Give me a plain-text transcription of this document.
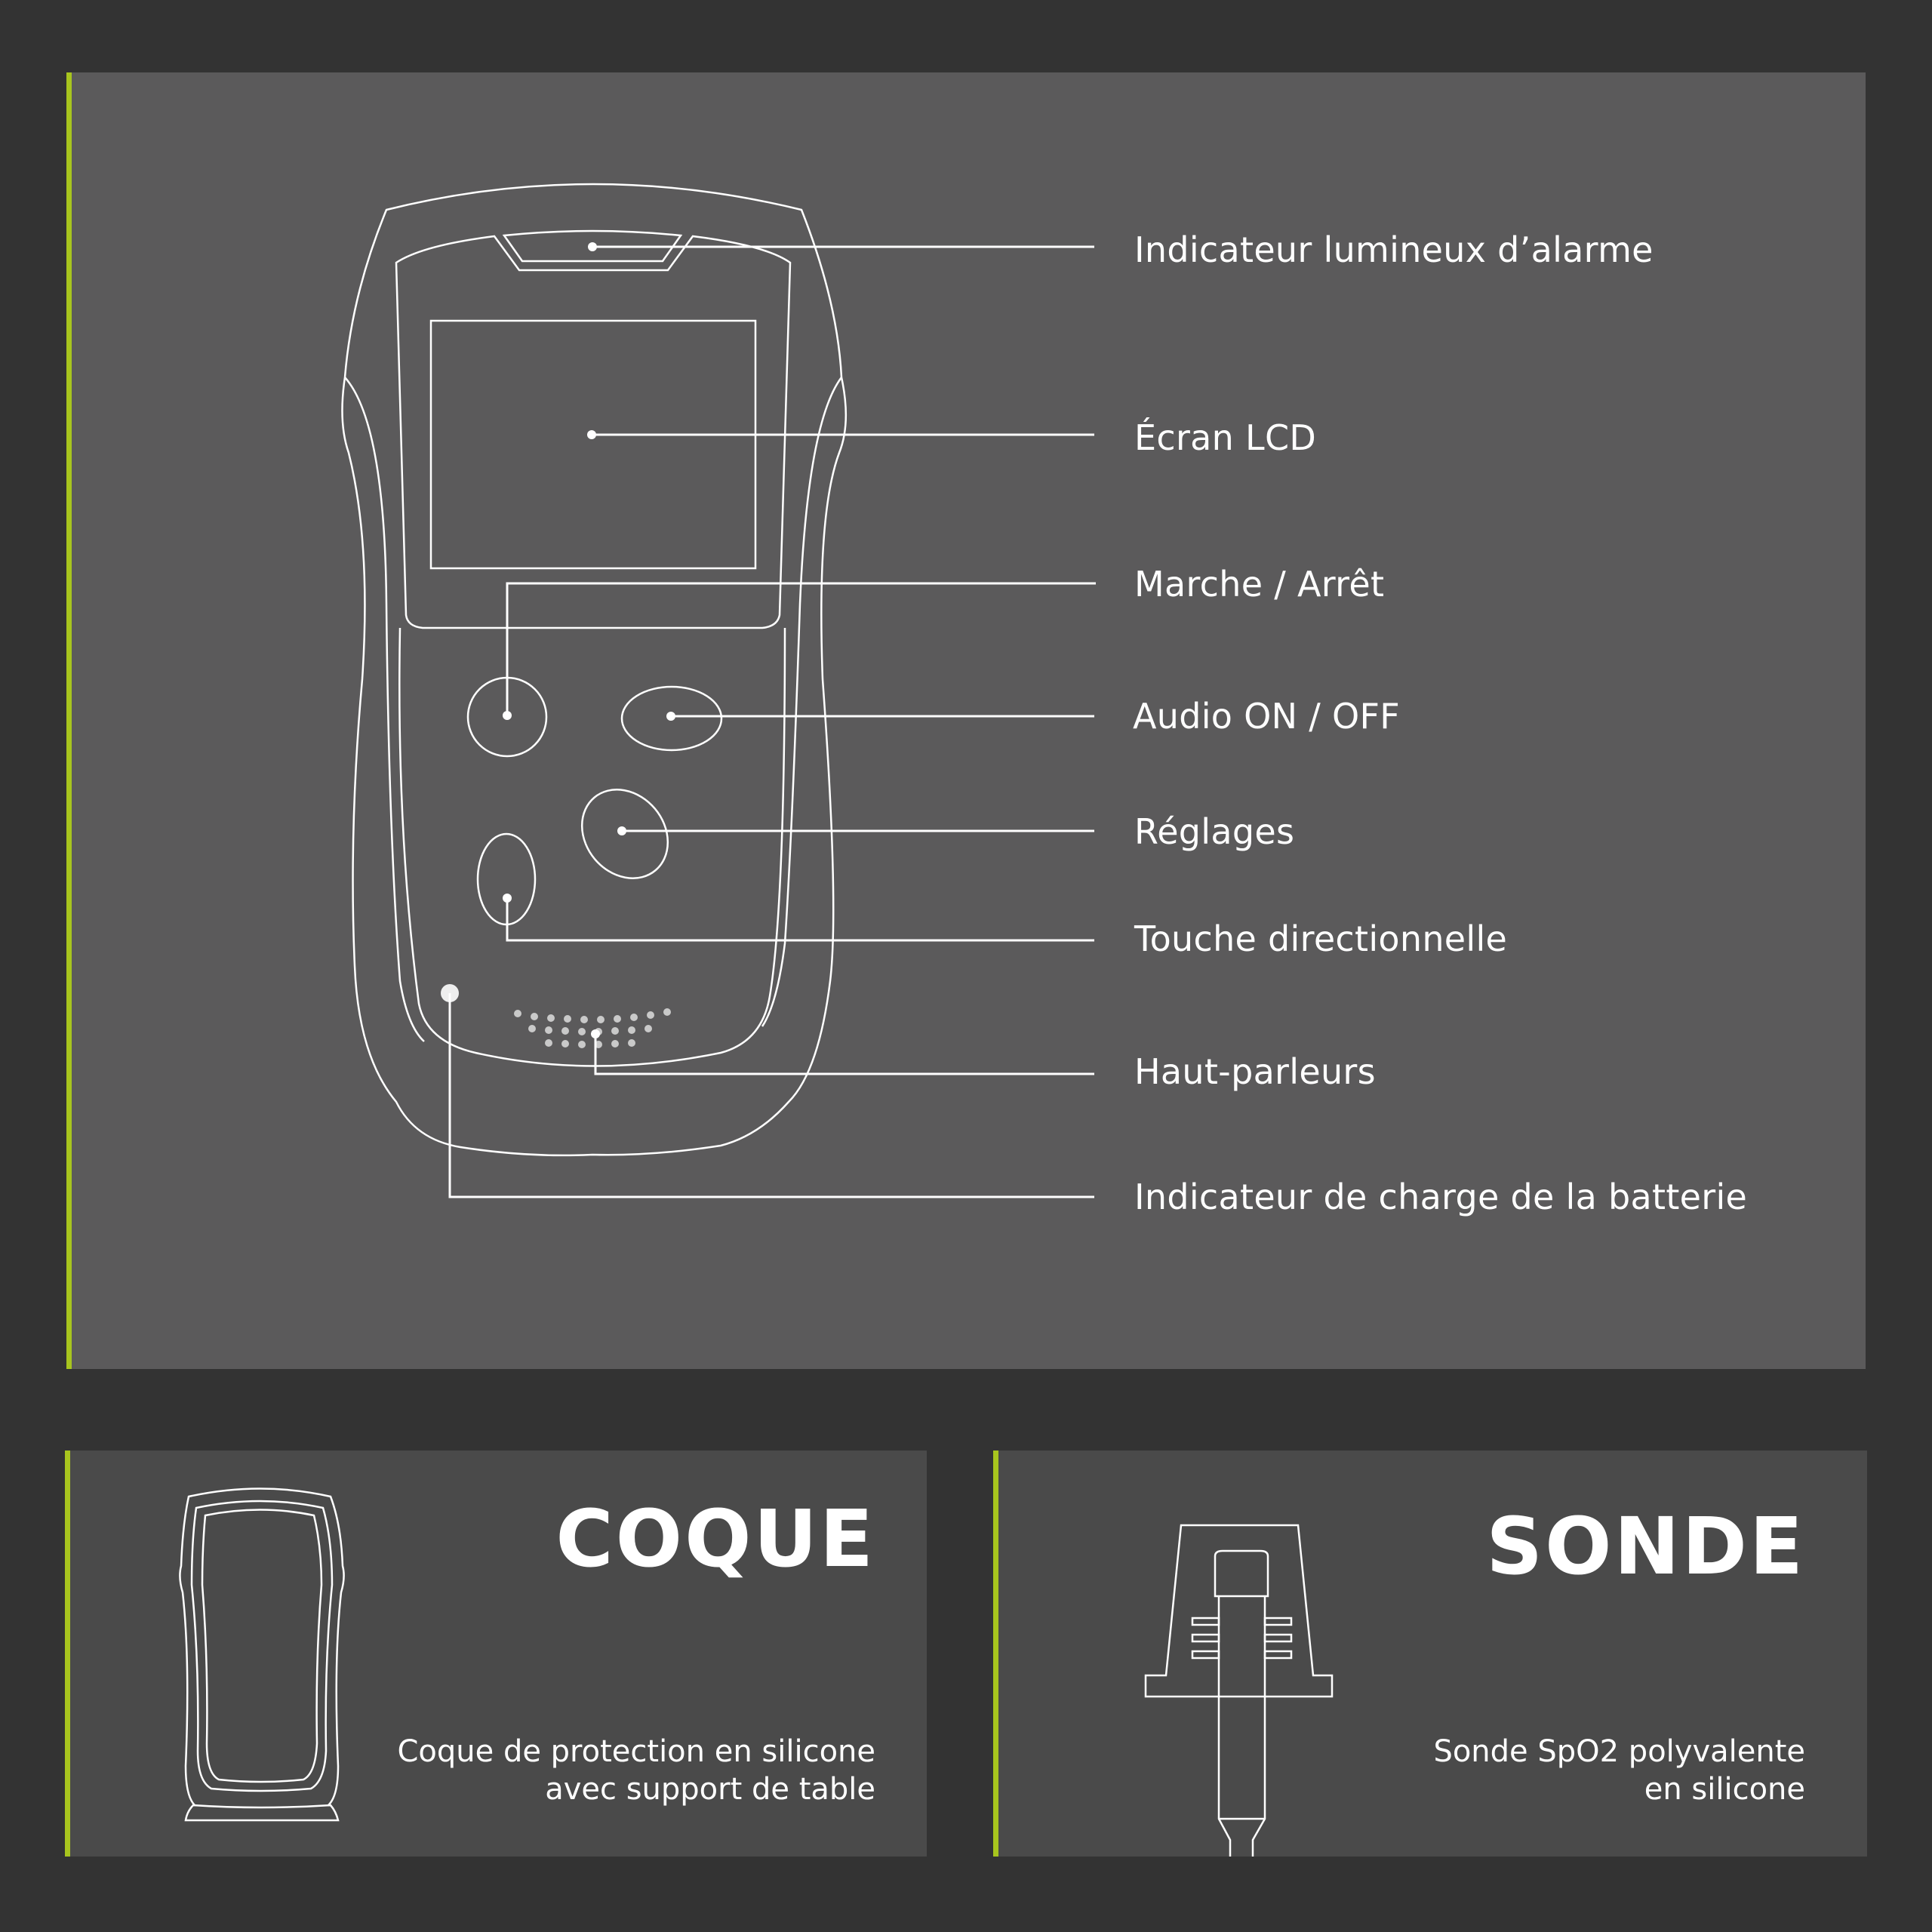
Indicateur lumineux d’alarme
Écran LCD
Marche / Arrêt
Audio ON / OFF
Réglages
Touche directionnelle
Haut-parleurs
Indicateur de charge de la batterie
COQUE
Coque de protection en silicone
avec support de table
SONDE
Sonde SpO2 polyvalente
en silicone
